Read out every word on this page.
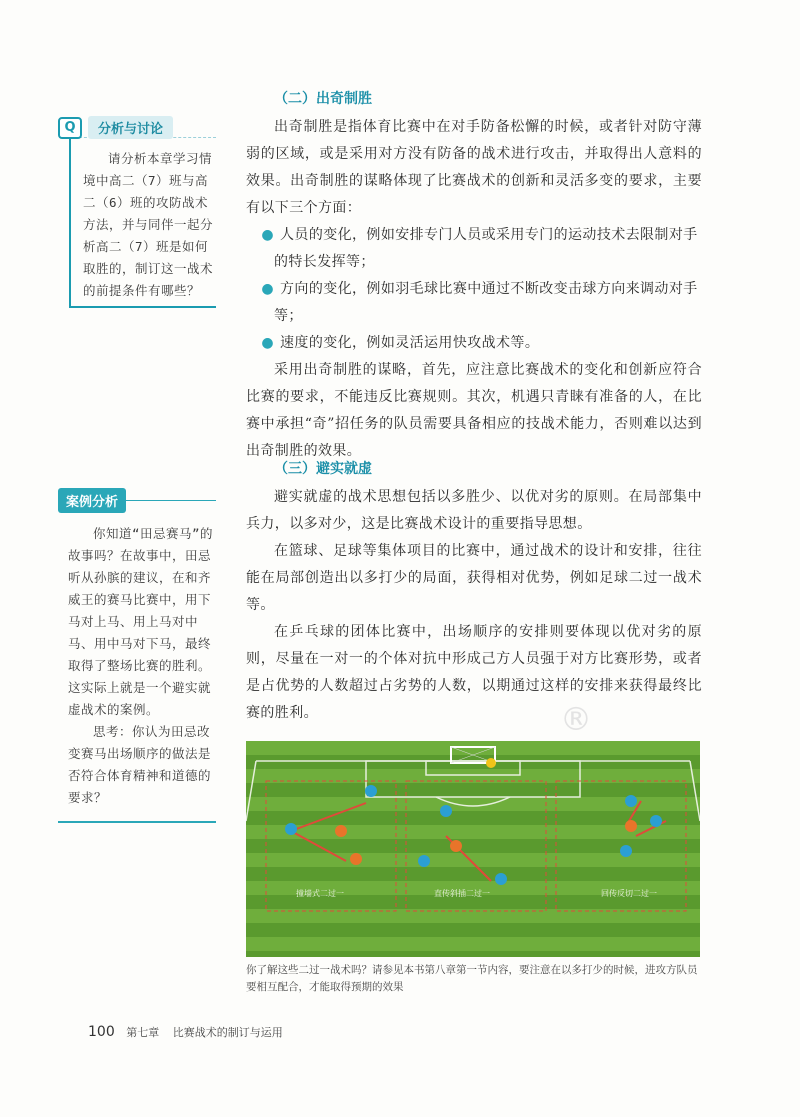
Q	分析与讨论

请分析本章学习情境中高二（7）班与高二（6）班的攻防战术方法，并与同伴一起分析高二（7）班是如何取胜的，制订这一战术的前提条件有哪些？

案例分析

你知道“田忌赛马”的故事吗？在故事中，田忌听从孙膑的建议，在和齐威王的赛马比赛中，用下马对上马、用上马对中马、用中马对下马，最终取得了整场比赛的胜利。这实际上就是一个避实就虚战术的案例。

思考：你认为田忌改变赛马出场顺序的做法是否符合体育精神和道德的要求？

（二）出奇制胜

出奇制胜是指体育比赛中在对手防备松懈的时候，或者针对防守薄弱的区域，或是采用对方没有防备的战术进行攻击，并取得出人意料的效果。出奇制胜的谋略体现了比赛战术的创新和灵活多变的要求，主要有以下三个方面：

● 人员的变化，例如安排专门人员或采用专门的运动技术去限制对手的特长发挥等；

● 方向的变化，例如羽毛球比赛中通过不断改变击球方向来调动对手等；

● 速度的变化，例如灵活运用快攻战术等。

采用出奇制胜的谋略，首先，应注意比赛战术的变化和创新应符合比赛的要求，不能违反比赛规则。其次，机遇只青睐有准备的人，在比赛中承担“奇”招任务的队员需要具备相应的技战术能力，否则难以达到出奇制胜的效果。

（三）避实就虚

避实就虚的战术思想包括以多胜少、以优对劣的原则。在局部集中兵力，以多对少，这是比赛战术设计的重要指导思想。

在篮球、足球等集体项目的比赛中，通过战术的设计和安排，往往能在局部创造出以多打少的局面，获得相对优势，例如足球二过一战术等。

在乒乓球的团体比赛中，出场顺序的安排则要体现以优对劣的原则，尽量在一对一的个体对抗中形成己方人员强于对方比赛形势，或者是占优势的人数超过占劣势的人数，以期通过这样的安排来获得最终比赛的胜利。	®
撞墙式二过一	直传斜插二过一	回传反切二过一
你了解这些二过一战术吗？请参见本书第八章第一节内容，要注意在以多打少的时候，进攻方队员要相互配合，才能取得预期的效果
100 第七章 比赛战术的制订与运用
